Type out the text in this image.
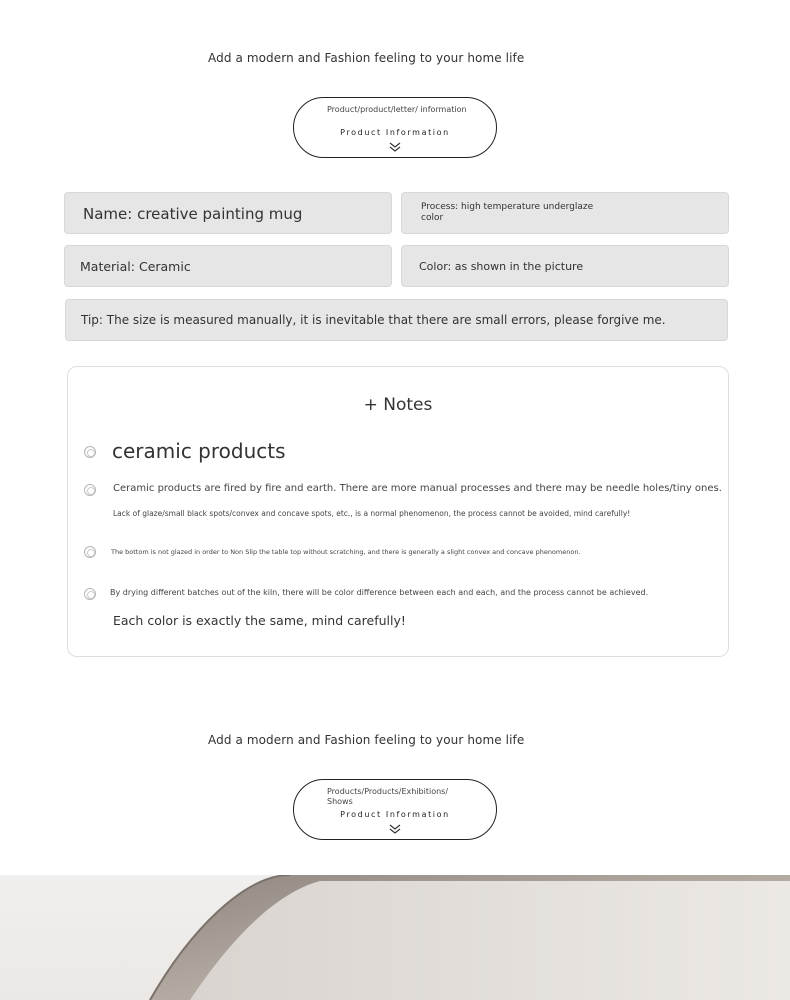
Add a modern and Fashion feeling to your home life
Product/product/letter/ information
Product Information
Name: creative painting mug	Process: high temperature underglaze color
Material: Ceramic	Color: as shown in the picture
Tip: The size is measured manually, it is inevitable that there are small errors, please forgive me.
+ Notes
ceramic products
Ceramic products are fired by fire and earth. There are more manual processes and there may be needle holes/tiny ones.
Lack of glaze/small black spots/convex and concave spots, etc., is a normal phenomenon, the process cannot be avoided, mind carefully!
The bottom is not glazed in order to Non Slip the table top without scratching, and there is generally a slight convex and concave phenomenon.
By drying different batches out of the kiln, there will be color difference between each and each, and the process cannot be achieved.
Each color is exactly the same, mind carefully!
Add a modern and Fashion feeling to your home life
Products/Products/Exhibitions/ Shows
Product Information
